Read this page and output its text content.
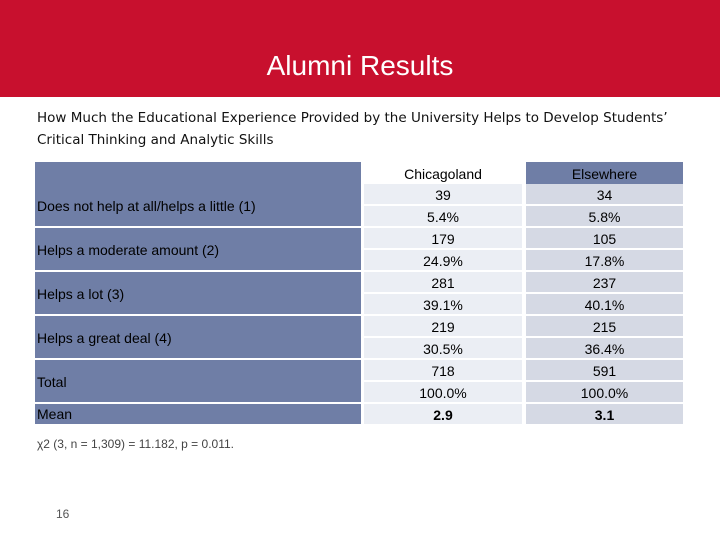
Alumni Results
How Much the Educational Experience Provided by the University Helps to Develop Students’ Critical Thinking and Analytic Skills
Does not help at all/helps a little (1)
Helps a moderate amount (2)
Helps a lot (3)
Helps a great deal (4)
Total
Mean
Chicagoland	Elsewhere
39
5.4%
179
24.9%
281
39.1%
219
30.5%
718
100.0%
2.9
34
5.8%
105
17.8%
237
40.1%
215
36.4%
591
100.0%
3.1
χ2 (3, n = 1,309) = 11.182, p = 0.011.
16
